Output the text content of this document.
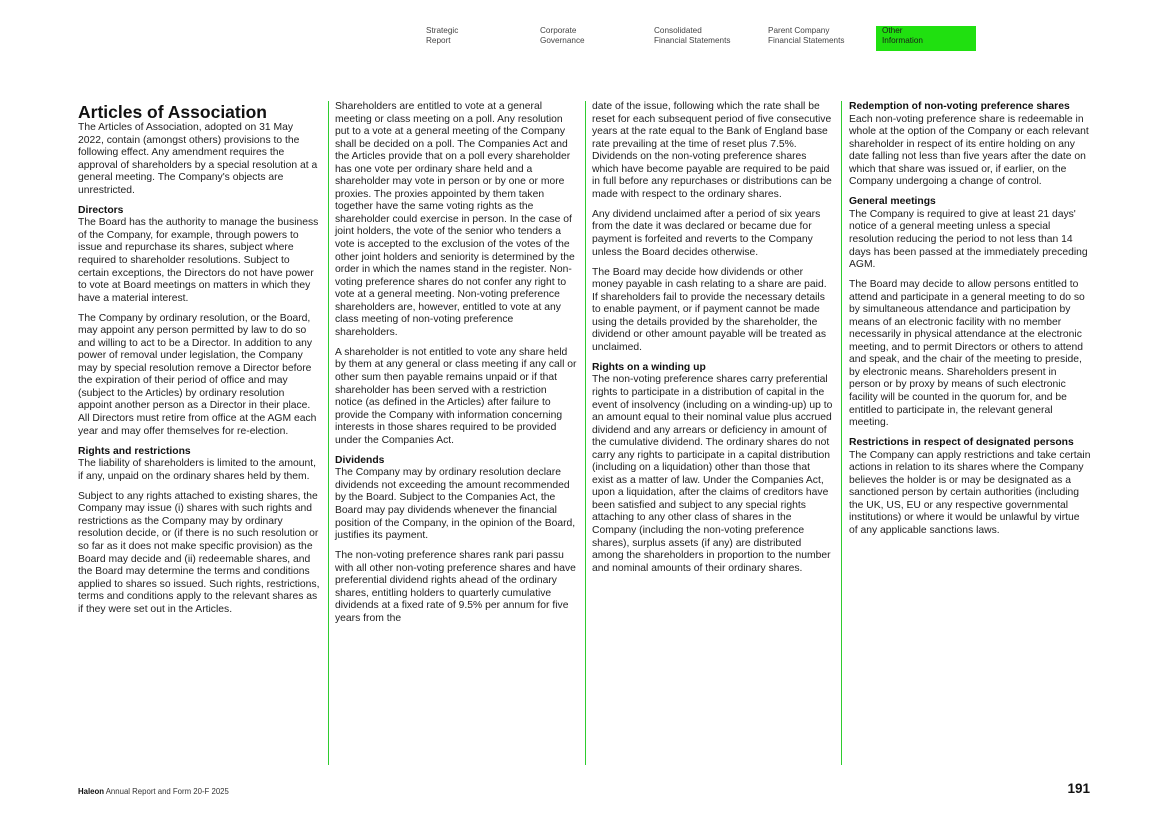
Strategic
Report
Corporate
Governance
Consolidated
Financial Statements
Parent Company
Financial Statements
Other
Information
Articles of Association

The Articles of Association, adopted on 31 May 2022, contain (amongst others) provisions to the following effect. Any amendment requires the approval of shareholders by a special resolution at a general meeting. The Company's objects are unrestricted.

Directors

The Board has the authority to manage the business of the Company, for example, through powers to issue and repurchase its shares, subject where required to shareholder resolutions. Subject to certain exceptions, the Directors do not have power to vote at Board meetings on matters in which they have a material interest.

The Company by ordinary resolution, or the Board, may appoint any person permitted by law to do so and willing to act to be a Director. In addition to any power of removal under legislation, the Company may by special resolution remove a Director before the expiration of their period of office and may (subject to the Articles) by ordinary resolution appoint another person as a Director in their place. All Directors must retire from office at the AGM each year and may offer themselves for re-election.

Rights and restrictions

The liability of shareholders is limited to the amount, if any, unpaid on the ordinary shares held by them.

Subject to any rights attached to existing shares, the Company may issue (i) shares with such rights and restrictions as the Company may by ordinary resolution decide, or (if there is no such resolution or so far as it does not make specific provision) as the Board may decide and (ii) redeemable shares, and the Board may determine the terms and conditions applied to shares so issued. Such rights, restrictions, terms and conditions apply to the relevant shares as if they were set out in the Articles.

Shareholders are entitled to vote at a general meeting or class meeting on a poll. Any resolution put to a vote at a general meeting of the Company shall be decided on a poll. The Companies Act and the Articles provide that on a poll every shareholder has one vote per ordinary share held and a shareholder may vote in person or by one or more proxies. The proxies appointed by them taken together have the same voting rights as the shareholder could exercise in person. In the case of joint holders, the vote of the senior who tenders a vote is accepted to the exclusion of the votes of the other joint holders and seniority is determined by the order in which the names stand in the register. Non-voting preference shares do not confer any right to vote at a general meeting. Non-voting preference shareholders are, however, entitled to vote at any class meeting of non-voting preference shareholders.

A shareholder is not entitled to vote any share held by them at any general or class meeting if any call or other sum then payable remains unpaid or if that shareholder has been served with a restriction notice (as defined in the Articles) after failure to provide the Company with information concerning interests in those shares required to be provided under the Companies Act.

Dividends

The Company may by ordinary resolution declare dividends not exceeding the amount recommended by the Board. Subject to the Companies Act, the Board may pay dividends whenever the financial position of the Company, in the opinion of the Board, justifies its payment.

The non-voting preference shares rank pari passu with all other non-voting preference shares and have preferential dividend rights ahead of the ordinary shares, entitling holders to quarterly cumulative dividends at a fixed rate of 9.5% per annum for five years from the

date of the issue, following which the rate shall be reset for each subsequent period of five consecutive years at the rate equal to the Bank of England base rate prevailing at the time of reset plus 7.5%. Dividends on the non-voting preference shares which have become payable are required to be paid in full before any repurchases or distributions can be made with respect to the ordinary shares.

Any dividend unclaimed after a period of six years from the date it was declared or became due for payment is forfeited and reverts to the Company unless the Board decides otherwise.

The Board may decide how dividends or other money payable in cash relating to a share are paid. If shareholders fail to provide the necessary details to enable payment, or if payment cannot be made using the details provided by the shareholder, the dividend or other amount payable will be treated as unclaimed.

Rights on a winding up

The non-voting preference shares carry preferential rights to participate in a distribution of capital in the event of insolvency (including on a winding-up) up to an amount equal to their nominal value plus accrued dividend and any arrears or deficiency in amount of the cumulative dividend. The ordinary shares do not carry any rights to participate in a capital distribution (including on a liquidation) other than those that exist as a matter of law. Under the Companies Act, upon a liquidation, after the claims of creditors have been satisfied and subject to any special rights attaching to any other class of shares in the Company (including the non-voting preference shares), surplus assets (if any) are distributed among the shareholders in proportion to the number and nominal amounts of their ordinary shares.

Redemption of non-voting preference shares

Each non-voting preference share is redeemable in whole at the option of the Company or each relevant shareholder in respect of its entire holding on any date falling not less than five years after the date on which that share was issued or, if earlier, on the Company undergoing a change of control.

General meetings

The Company is required to give at least 21 days' notice of a general meeting unless a special resolution reducing the period to not less than 14 days has been passed at the immediately preceding AGM.

The Board may decide to allow persons entitled to attend and participate in a general meeting to do so by simultaneous attendance and participation by means of an electronic facility with no member necessarily in physical attendance at the electronic meeting, and to permit Directors or others to attend and speak, and the chair of the meeting to preside, by electronic means. Shareholders present in person or by proxy by means of such electronic facility will be counted in the quorum for, and be entitled to participate in, the relevant general meeting.

Restrictions in respect of designated persons

The Company can apply restrictions and take certain actions in relation to its shares where the Company believes the holder is or may be designated as a sanctioned person by certain authorities (including the UK, US, EU or any respective governmental institutions) or where it would be unlawful by virtue of any applicable sanctions laws.

Haleon Annual Report and Form 20-F 2025	191
